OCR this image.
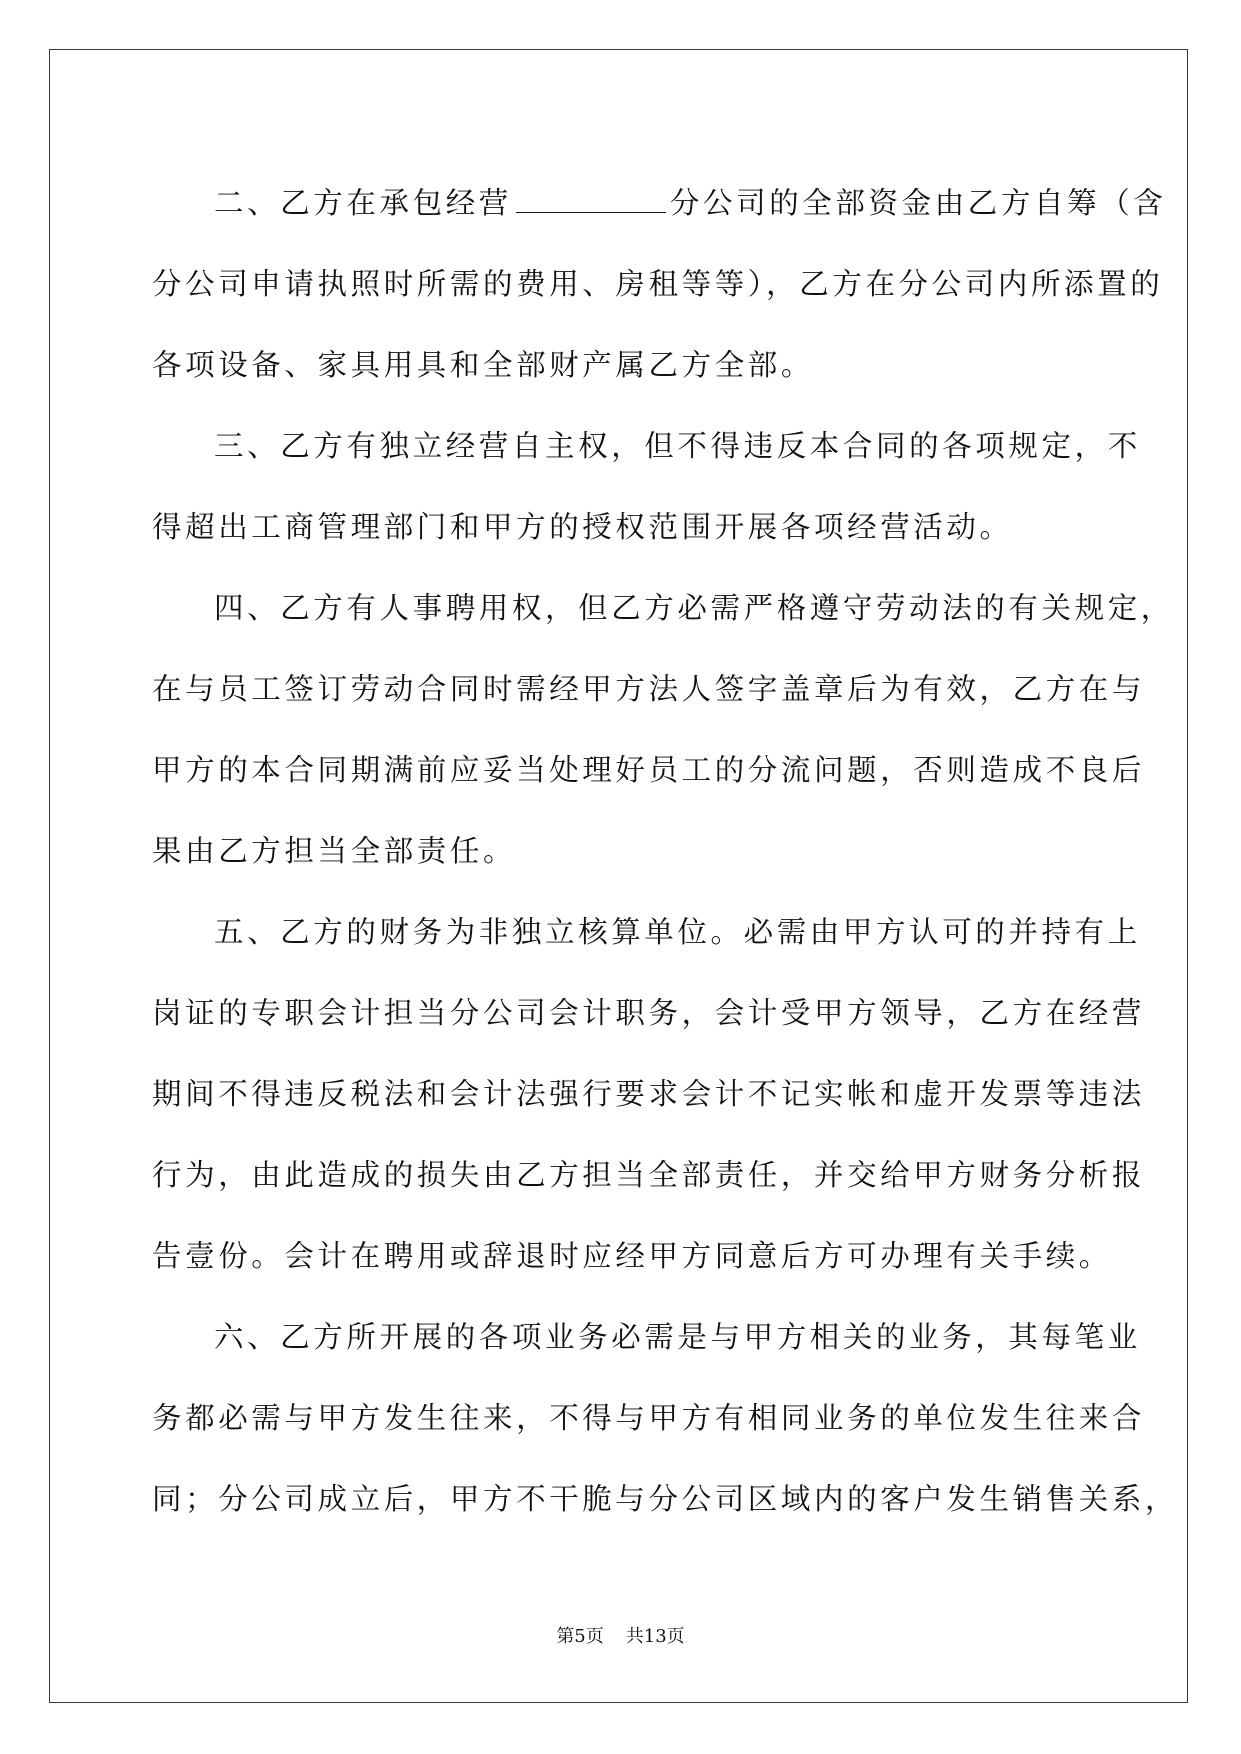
二、乙方在承包经营	分公司的全部资金由乙方自筹（含
分公司申请执照时所需的费用、房租等等），乙方在分公司内所添置的
各项设备、家具用具和全部财产属乙方全部。
三、乙方有独立经营自主权，但不得违反本合同的各项规定，不
得超出工商管理部门和甲方的授权范围开展各项经营活动。
四、乙方有人事聘用权，但乙方必需严格遵守劳动法的有关规定，
在与员工签订劳动合同时需经甲方法人签字盖章后为有效，乙方在与
甲方的本合同期满前应妥当处理好员工的分流问题，否则造成不良后
果由乙方担当全部责任。
五、乙方的财务为非独立核算单位。必需由甲方认可的并持有上
岗证的专职会计担当分公司会计职务，会计受甲方领导，乙方在经营
期间不得违反税法和会计法强行要求会计不记实帐和虚开发票等违法
行为，由此造成的损失由乙方担当全部责任，并交给甲方财务分析报
告壹份。会计在聘用或辞退时应经甲方同意后方可办理有关手续。
六、乙方所开展的各项业务必需是与甲方相关的业务，其每笔业
务都必需与甲方发生往来，不得与甲方有相同业务的单位发生往来合
同；分公司成立后，甲方不干脆与分公司区域内的客户发生销售关系，
第5页 共13页
